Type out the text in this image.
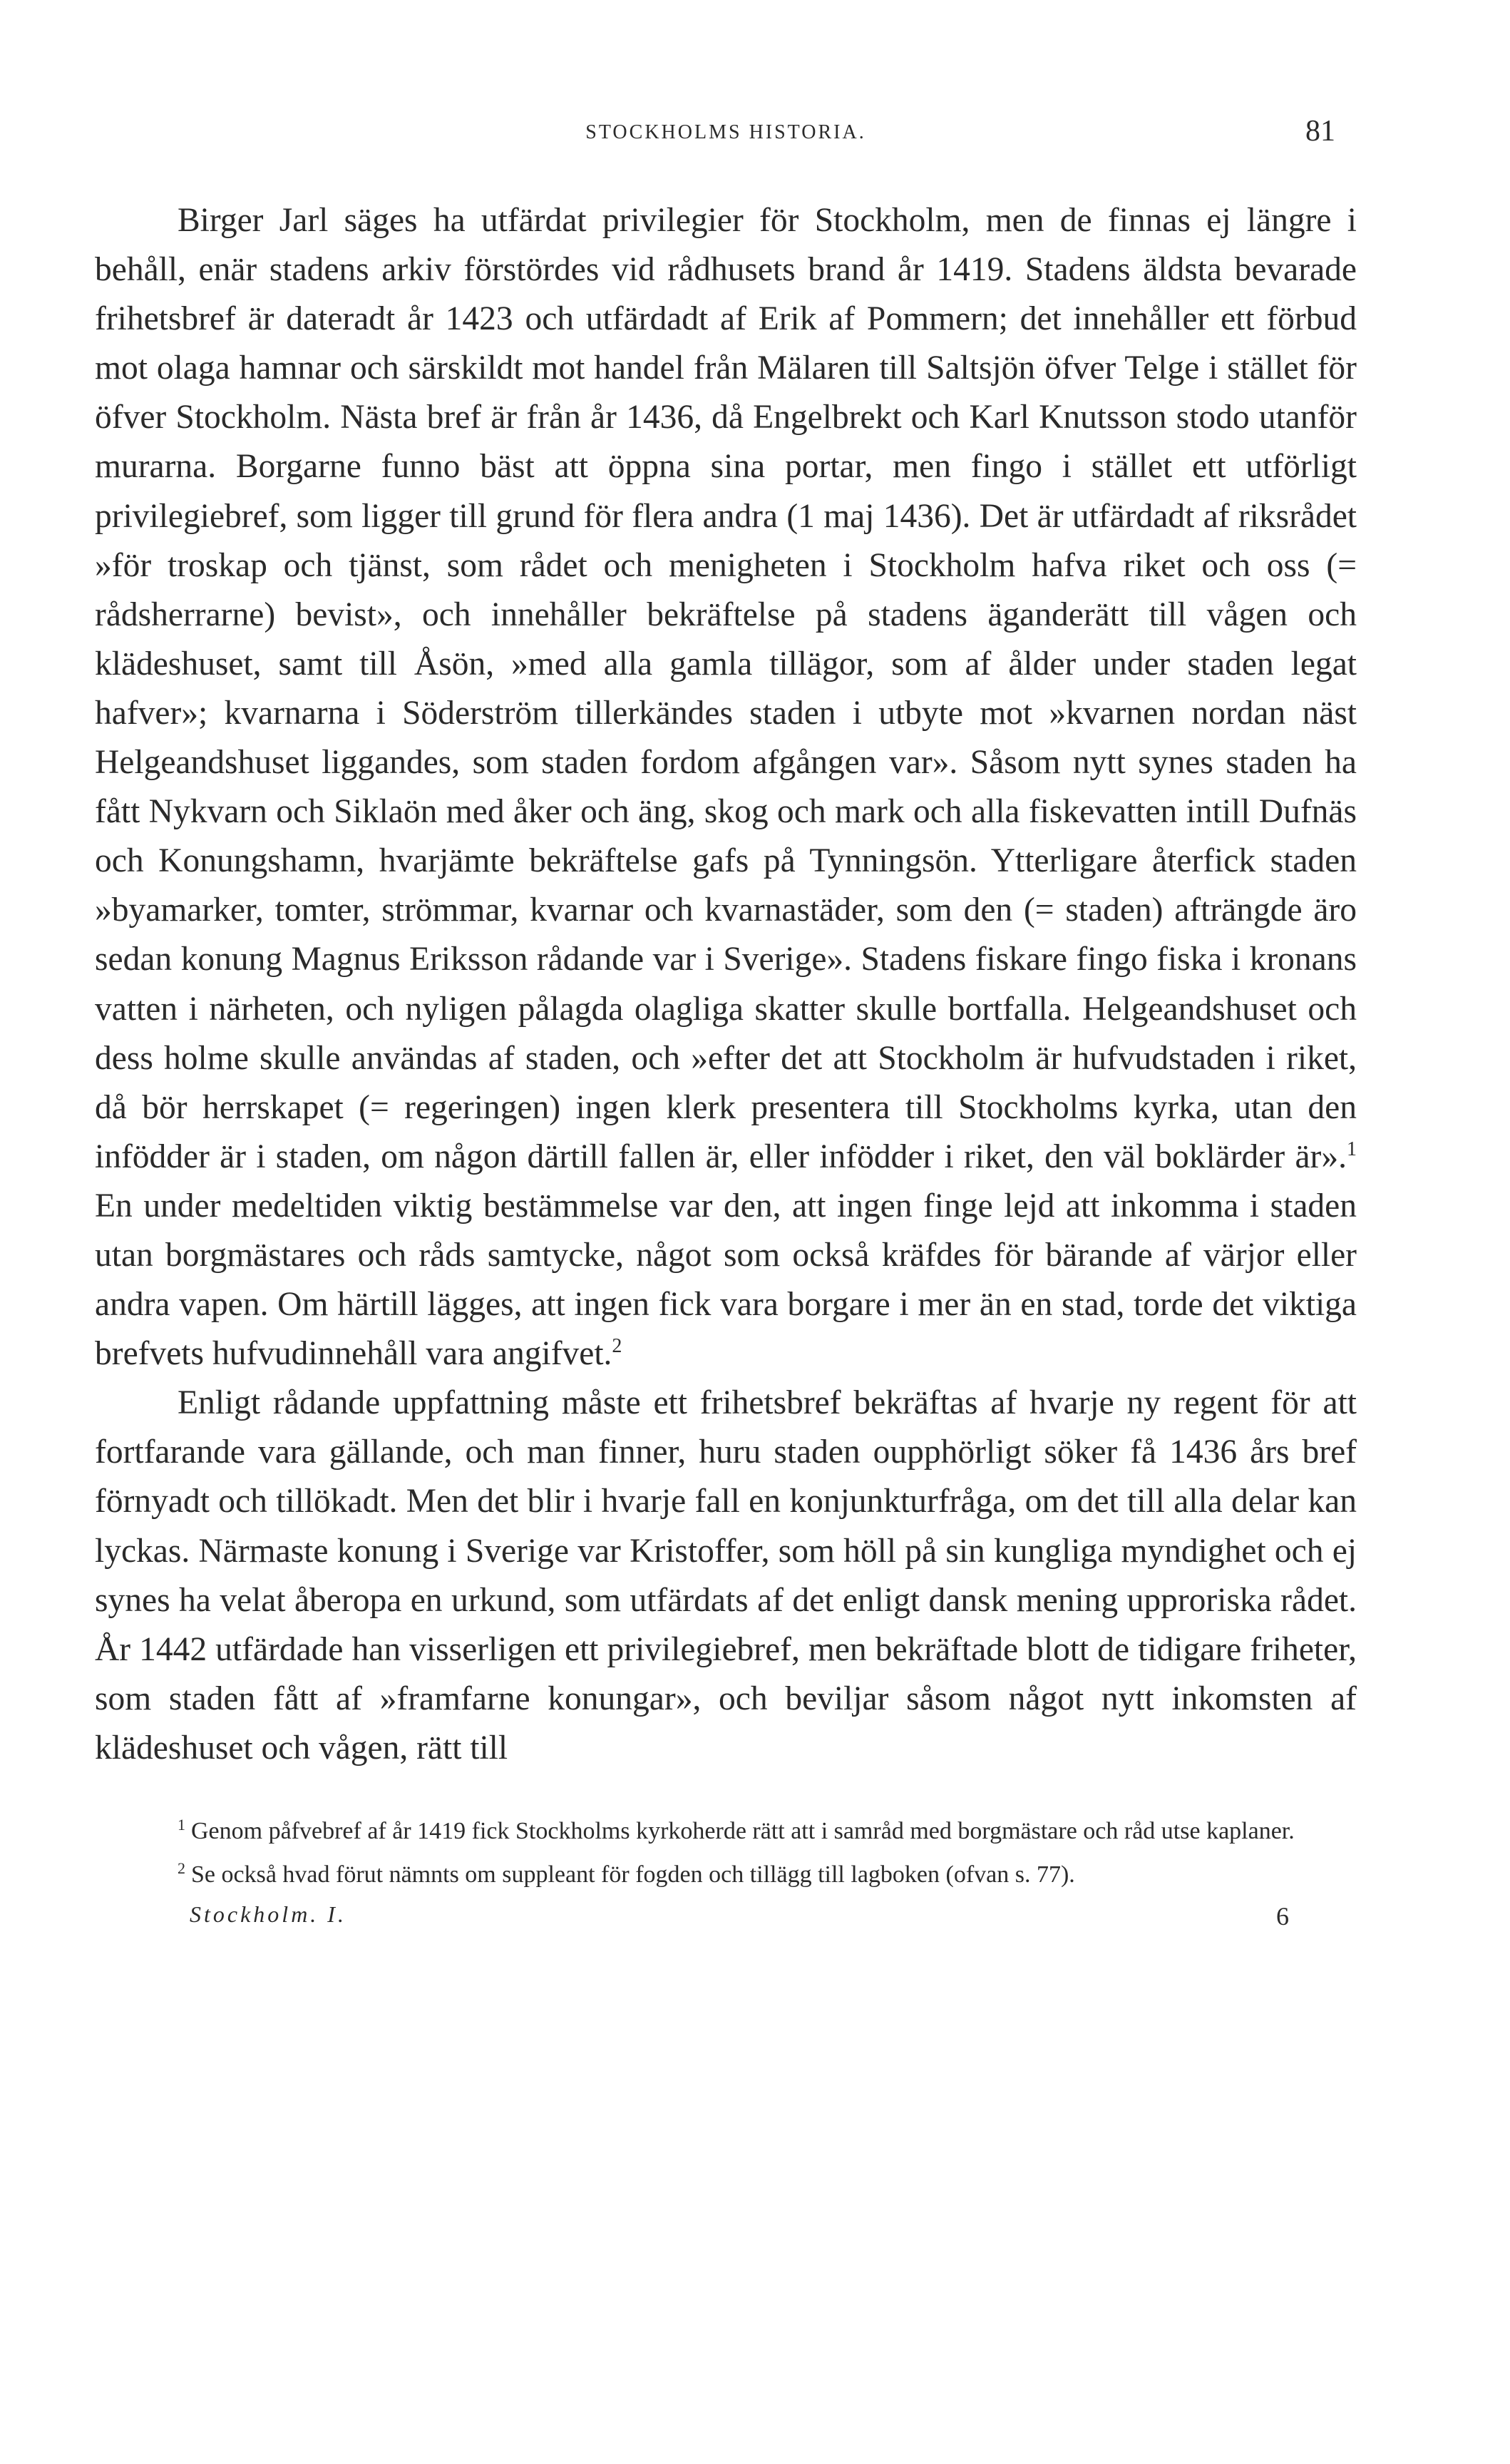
STOCKHOLMS HISTORIA.	81

Birger Jarl säges ha utfärdat privilegier för Stockholm, men de finnas ej längre i behåll, enär stadens arkiv förstördes vid rådhusets brand år 1419. Stadens äldsta bevarade frihetsbref är dateradt år 1423 och utfärdadt af Erik af Pommern; det innehåller ett förbud mot olaga hamnar och särskildt mot handel från Mälaren till Saltsjön öfver Telge i stället för öfver Stockholm. Nästa bref är från år 1436, då Engelbrekt och Karl Knutsson stodo utanför murarna. Borgarne funno bäst att öppna sina portar, men fingo i stället ett utförligt privilegiebref, som ligger till grund för flera andra (1 maj 1436). Det är utfärdadt af riksrådet »för troskap och tjänst, som rådet och menigheten i Stockholm hafva riket och oss (= rådsherrarne) bevist», och innehåller bekräftelse på stadens äganderätt till vågen och klädeshuset, samt till Åsön, »med alla gamla tillägor, som af ålder under staden legat hafver»; kvarnarna i Söderström tillerkändes staden i utbyte mot »kvarnen nordan näst Helgeandshuset liggandes, som staden fordom afgången var». Såsom nytt synes staden ha fått Nykvarn och Siklaön med åker och äng, skog och mark och alla fiskevatten intill Dufnäs och Konungshamn, hvarjämte bekräftelse gafs på Tynningsön. Ytterligare återfick staden »byamarker, tomter, strömmar, kvarnar och kvarnastäder, som den (= staden) afträngde äro sedan konung Magnus Eriksson rådande var i Sverige». Stadens fiskare fingo fiska i kronans vatten i närheten, och nyligen pålagda olagliga skatter skulle bortfalla. Helgeandshuset och dess holme skulle användas af staden, och »efter det att Stockholm är hufvudstaden i riket, då bör herrskapet (= regeringen) ingen klerk presentera till Stockholms kyrka, utan den infödder är i staden, om någon därtill fallen är, eller infödder i riket, den väl boklärder är».$^1$ En under medeltiden viktig bestämmelse var den, att ingen finge lejd att inkomma i staden utan borgmästares och råds samtycke, något som också kräfdes för bärande af värjor eller andra vapen. Om härtill lägges, att ingen fick vara borgare i mer än en stad, torde det viktiga brefvets hufvudinnehåll vara angifvet.$^2$

Enligt rådande uppfattning måste ett frihetsbref bekräftas af hvarje ny regent för att fortfarande vara gällande, och man finner, huru staden oupphörligt söker få 1436 års bref förnyadt och tillökadt. Men det blir i hvarje fall en konjunkturfråga, om det till alla delar kan lyckas. Närmaste konung i Sverige var Kristoffer, som höll på sin kungliga myndighet och ej synes ha velat åberopa en urkund, som utfärdats af det enligt dansk mening upproriska rådet. År 1442 utfärdade han visserligen ett privilegiebref, men bekräftade blott de tidigare friheter, som staden fått af »framfarne konungar», och beviljar såsom något nytt inkomsten af klädeshuset och vågen, rätt till

$^1$ Genom påfvebref af år 1419 fick Stockholms kyrkoherde rätt att i samråd med borgmästare och råd utse kaplaner.

$^2$ Se också hvad förut nämnts om suppleant för fogden och tillägg till lagboken (ofvan s. 77).

Stockholm. I.	6
